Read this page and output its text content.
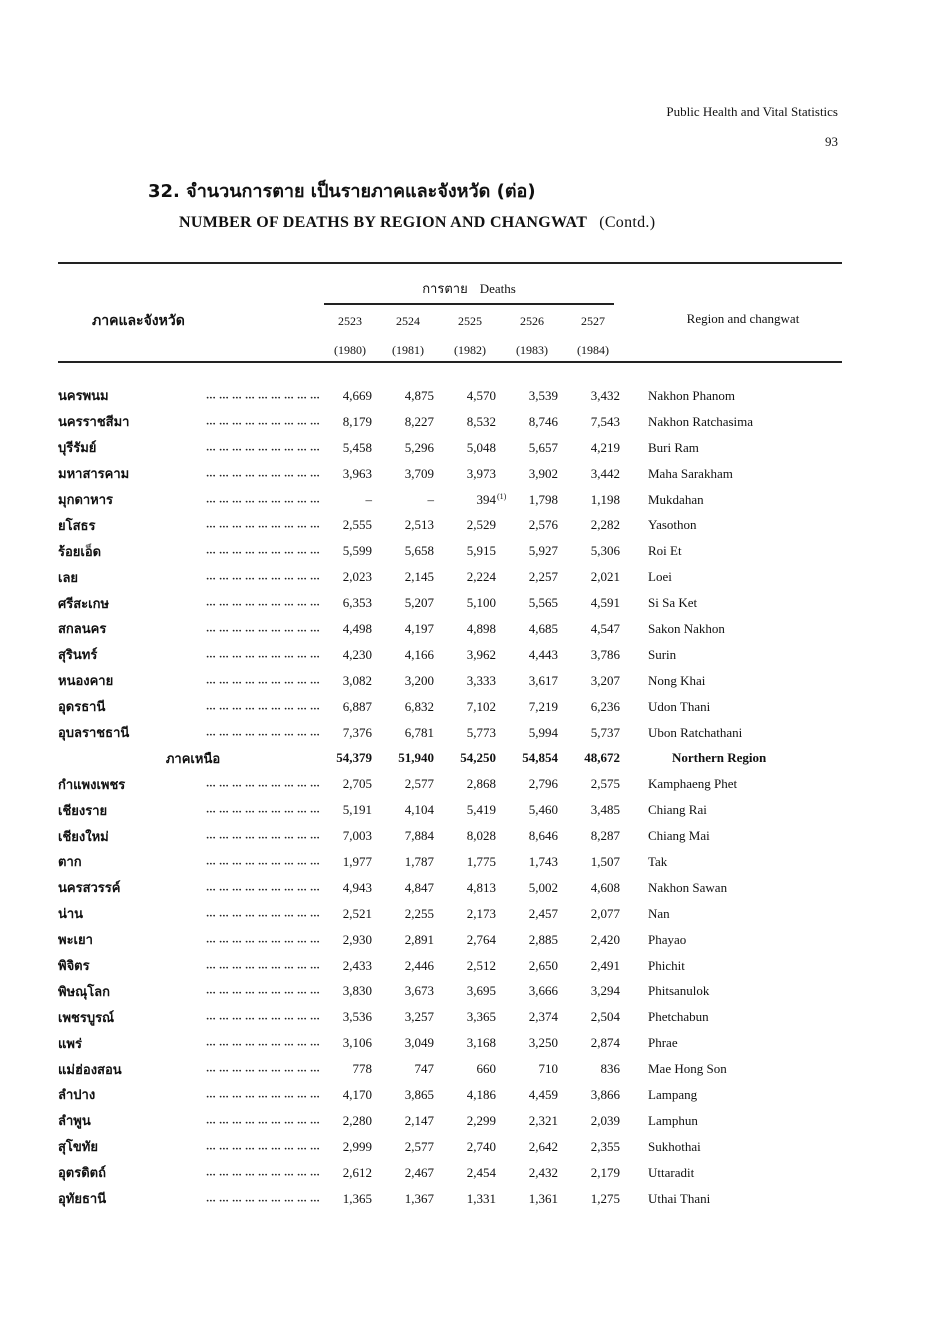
Public Health and Vital Statistics
93
32. จำนวนการตาย เป็นรายภาคและจังหวัด (ต่อ)
NUMBER OF DEATHS BY REGION AND CHANGWAT (Contd.)
การตาย Deaths
ภาคและจังหวัด	Region and changwat
2523	2524	2525	2526	2527
(1980)	(1981)	(1982)	(1983)	(1984)
นครพนม ... ... ... ... ... ... ... ... ...	4,669	4,875	4,570	3,539	3,432	Nakhon Phanom
นครราชสีมา ... ... ... ... ... ... ... ... ...	8,179	8,227	8,532	8,746	7,543	Nakhon Ratchasima
บุรีรัมย์ ... ... ... ... ... ... ... ... ...	5,458	5,296	5,048	5,657	4,219	Buri Ram
มหาสารคาม ... ... ... ... ... ... ... ... ...	3,963	3,709	3,973	3,902	3,442	Maha Sarakham
มุกดาหาร ... ... ... ... ... ... ... ... ...	–	–	394 (1)	1,798	1,198	Mukdahan
ยโสธร ... ... ... ... ... ... ... ... ...	2,555	2,513	2,529	2,576	2,282	Yasothon
ร้อยเอ็ด ... ... ... ... ... ... ... ... ...	5,599	5,658	5,915	5,927	5,306	Roi Et
เลย ... ... ... ... ... ... ... ... ...	2,023	2,145	2,224	2,257	2,021	Loei
ศรีสะเกษ ... ... ... ... ... ... ... ... ...	6,353	5,207	5,100	5,565	4,591	Si Sa Ket
สกลนคร ... ... ... ... ... ... ... ... ...	4,498	4,197	4,898	4,685	4,547	Sakon Nakhon
สุรินทร์ ... ... ... ... ... ... ... ... ...	4,230	4,166	3,962	4,443	3,786	Surin
หนองคาย ... ... ... ... ... ... ... ... ...	3,082	3,200	3,333	3,617	3,207	Nong Khai
อุดรธานี ... ... ... ... ... ... ... ... ...	6,887	6,832	7,102	7,219	6,236	Udon Thani
อุบลราชธานี ... ... ... ... ... ... ... ... ...	7,376	6,781	5,773	5,994	5,737	Ubon Ratchathani
ภาคเหนือ	54,379	51,940	54,250	54,854	48,672	Northern Region
กำแพงเพชร ... ... ... ... ... ... ... ... ...	2,705	2,577	2,868	2,796	2,575	Kamphaeng Phet
เชียงราย ... ... ... ... ... ... ... ... ...	5,191	4,104	5,419	5,460	3,485	Chiang Rai
เชียงใหม่ ... ... ... ... ... ... ... ... ...	7,003	7,884	8,028	8,646	8,287	Chiang Mai
ตาก ... ... ... ... ... ... ... ... ...	1,977	1,787	1,775	1,743	1,507	Tak
นครสวรรค์ ... ... ... ... ... ... ... ... ...	4,943	4,847	4,813	5,002	4,608	Nakhon Sawan
น่าน ... ... ... ... ... ... ... ... ...	2,521	2,255	2,173	2,457	2,077	Nan
พะเยา ... ... ... ... ... ... ... ... ...	2,930	2,891	2,764	2,885	2,420	Phayao
พิจิตร ... ... ... ... ... ... ... ... ...	2,433	2,446	2,512	2,650	2,491	Phichit
พิษณุโลก ... ... ... ... ... ... ... ... ...	3,830	3,673	3,695	3,666	3,294	Phitsanulok
เพชรบูรณ์ ... ... ... ... ... ... ... ... ...	3,536	3,257	3,365	2,374	2,504	Phetchabun
แพร่ ... ... ... ... ... ... ... ... ...	3,106	3,049	3,168	3,250	2,874	Phrae
แม่ฮ่องสอน ... ... ... ... ... ... ... ... ...	778	747	660	710	836	Mae Hong Son
ลำปาง ... ... ... ... ... ... ... ... ...	4,170	3,865	4,186	4,459	3,866	Lampang
ลำพูน ... ... ... ... ... ... ... ... ...	2,280	2,147	2,299	2,321	2,039	Lamphun
สุโขทัย ... ... ... ... ... ... ... ... ...	2,999	2,577	2,740	2,642	2,355	Sukhothai
อุตรดิตถ์ ... ... ... ... ... ... ... ... ...	2,612	2,467	2,454	2,432	2,179	Uttaradit
อุทัยธานี ... ... ... ... ... ... ... ... ...	1,365	1,367	1,331	1,361	1,275	Uthai Thani
